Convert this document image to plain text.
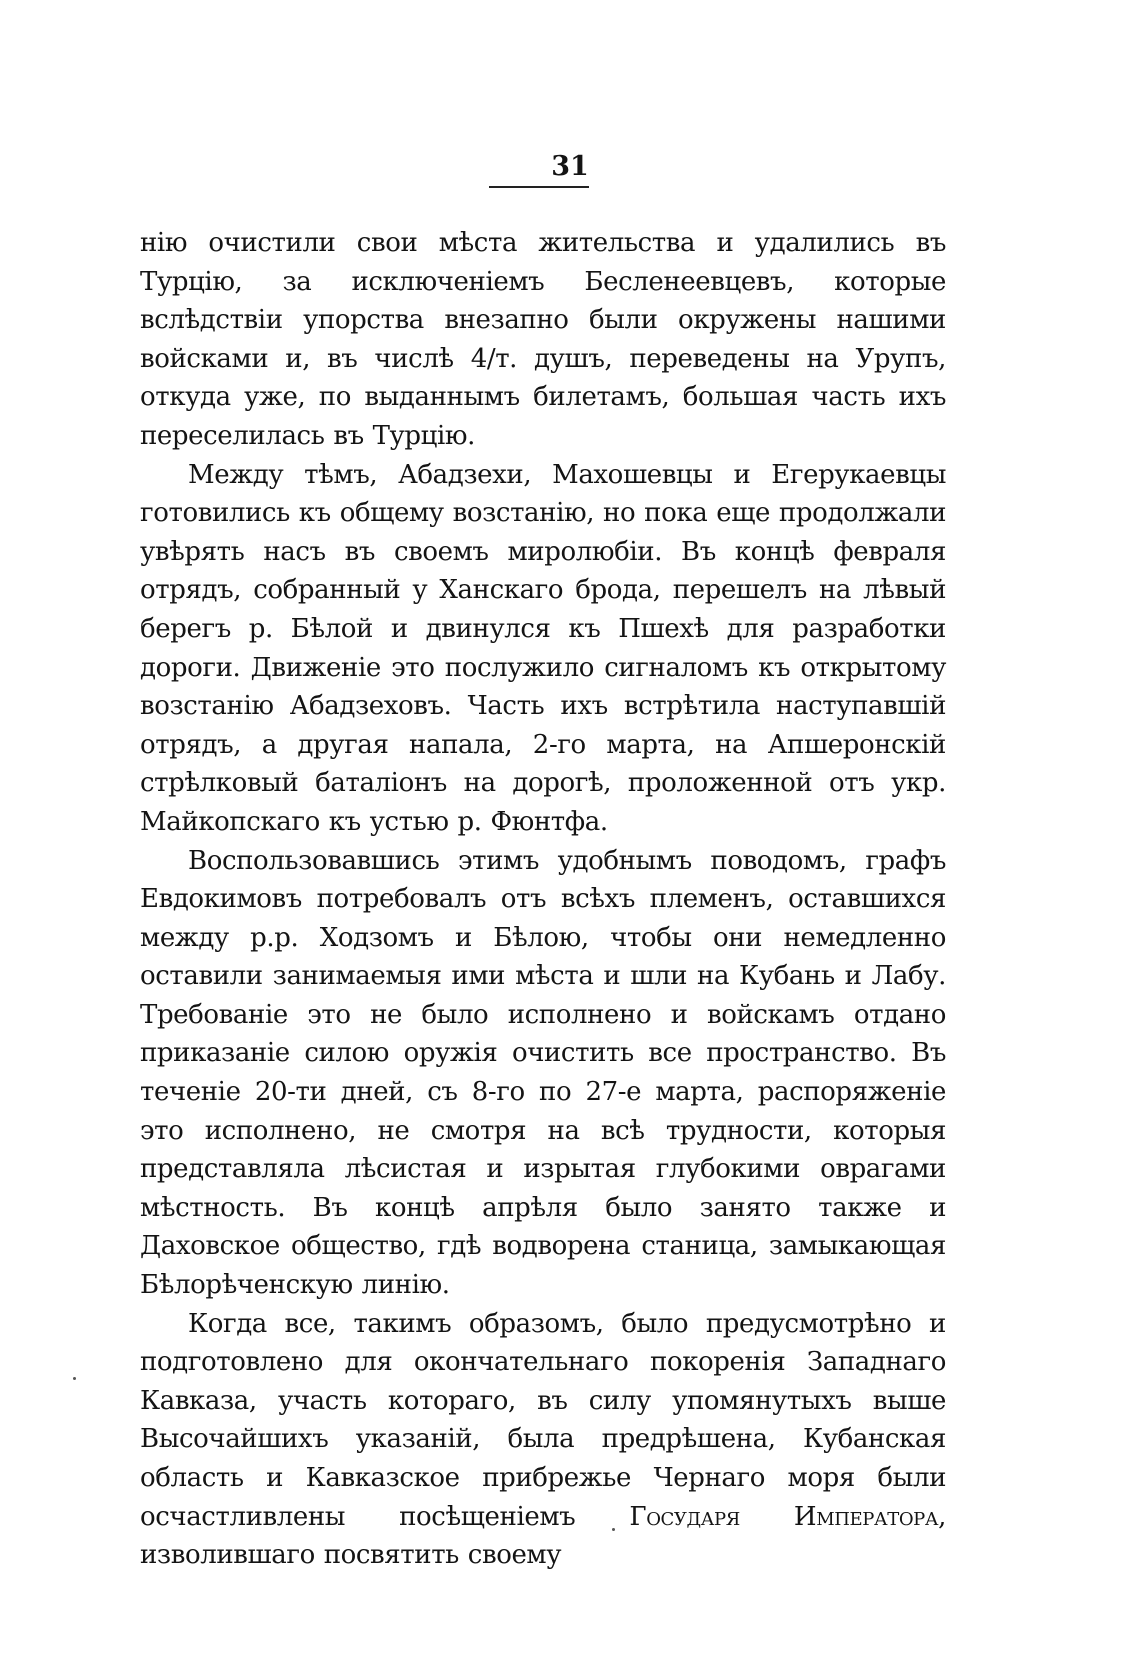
31

нію очистили свои мѣста жительства и удалились въ Турцію, за исключеніемъ Бесленеевцевъ, которые вслѣдствіи упорства внезапно были окружены нашими войсками и, въ числѣ 4/т. душъ, переведены на Урупъ, откуда уже, по выданнымъ билетамъ, большая часть ихъ переселилась въ Турцію.

Между тѣмъ, Абадзехи, Махошевцы и Егерукаевцы готовились къ общему возстанію, но пока еще продолжали увѣрять насъ въ своемъ миролюбіи. Въ концѣ февраля отрядъ, собранный у Ханскаго брода, перешелъ на лѣвый берегъ р. Бѣлой и двинулся къ Пшехѣ для разработки дороги. Движеніе это послужило сигналомъ къ открытому возстанію Абадзеховъ. Часть ихъ встрѣтила наступавшій отрядъ, а другая напала, 2-го марта, на Апшеронскій стрѣлковый баталіонъ на дорогѣ, проложенной отъ укр. Майкопскаго къ устью р. Фюнтфа.

Воспользовавшись этимъ удобнымъ поводомъ, графъ Евдокимовъ потребовалъ отъ всѣхъ племенъ, оставшихся между р.р. Ходзомъ и Бѣлою, чтобы они немедленно оставили занимаемыя ими мѣста и шли на Кубань и Лабу. Требованіе это не было исполнено и войскамъ отдано приказаніе силою оружія очистить все пространство. Въ теченіе 20-ти дней, съ 8-го по 27-е марта, распоряженіе это исполнено, не смотря на всѣ трудности, которыя представляла лѣсистая и изрытая глубокими оврагами мѣстность. Въ концѣ апрѣля было занято также и Даховское общество, гдѣ водворена станица, замыкающая Бѣлорѣченскую линію.

Когда все, такимъ образомъ, было предусмотрѣно и подготовлено для окончательнаго покоренія Западнаго Кавказа, участь котораго, въ силу упомянутыхъ выше Высочайшихъ указаній, была предрѣшена, Кубанская область и Кавказское прибрежье Чернаго моря были осчастливлены посѣщеніемъ Государя Императора, изволившаго посвятить своему
